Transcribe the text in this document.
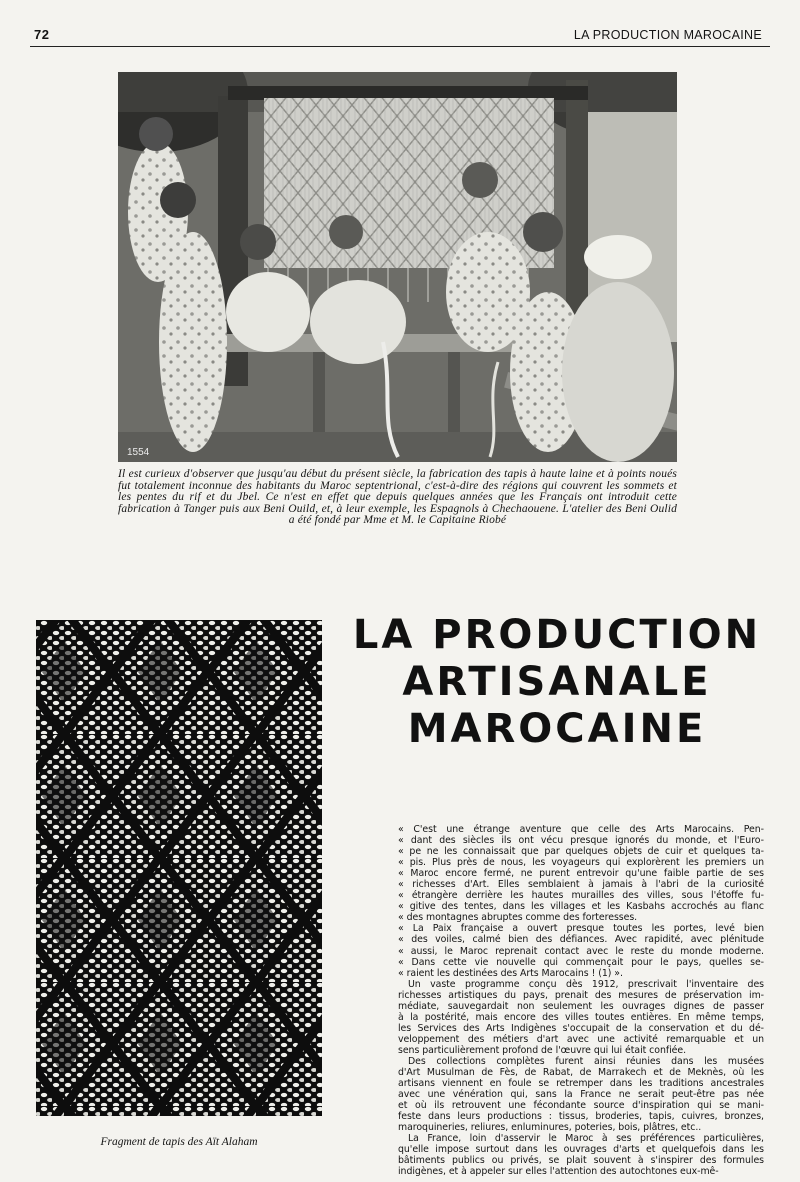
72	LA PRODUCTION MAROCAINE
1554
Il est curieux d'observer que jusqu'au début du présent siècle, la fabrication des tapis à haute laine et à points noués fut totalement inconnue des habitants du Maroc septentrional, c'est-à-dire des régions qui couvrent les sommets et les pentes du rif et du Jbel. Ce n'est en effet que depuis quelques années que les Français ont introduit cette fabrication à Tanger puis aux Beni Ouild, et, à leur exemple, les Espagnols à Chechaouene. L'atelier des Beni Oulid a été fondé par Mme et M. le Capitaine Riobé
Fragment de tapis des Aït Alaham
LA PRODUCTION
ARTISANALE
MAROCAINE
« C'est une étrange aventure que celle des Arts Marocains. Pen-
« dant des siècles ils ont vécu presque ignorés du monde, et l'Euro-
« pe ne les connaissait que par quelques objets de cuir et quelques ta-
« pis. Plus près de nous, les voyageurs qui explorèrent les premiers un
« Maroc encore fermé, ne purent entrevoir qu'une faible partie de ses
« richesses d'Art. Elles semblaient à jamais à l'abri de la curiosité
« étrangère derrière les hautes murailles des villes, sous l'étoffe fu-
« gitive des tentes, dans les villages et les Kasbahs accrochés au flanc
« des montagnes abruptes comme des forteresses.
« La Paix française a ouvert presque toutes les portes, levé bien
« des voiles, calmé bien des défiances. Avec rapidité, avec plénitude
« aussi, le Maroc reprenait contact avec le reste du monde moderne.
« Dans cette vie nouvelle qui commençait pour le pays, quelles se-
« raient les destinées des Arts Marocains ! (1) ».
Un vaste programme conçu dès 1912, prescrivait l'inventaire des
richesses artistiques du pays, prenait des mesures de préservation im-
médiate, sauvegardait non seulement les ouvrages dignes de passer
à la postérité, mais encore des villes toutes entières. En même temps,
les Services des Arts Indigènes s'occupait de la conservation et du dé-
veloppement des métiers d'art avec une activité remarquable et un
sens particulièrement profond de l'œuvre qui lui était confiée.
Des collections complètes furent ainsi réunies dans les musées
d'Art Musulman de Fès, de Rabat, de Marrakech et de Meknès, où les
artisans viennent en foule se retremper dans les traditions ancestrales
avec une vénération qui, sans la France ne serait peut-être pas née
et où ils retrouvent une fécondante source d'inspiration qui se mani-
feste dans leurs productions : tissus, broderies, tapis, cuivres, bronzes,
maroquineries, reliures, enluminures, poteries, bois, plâtres, etc..
La France, loin d'asservir le Maroc à ses préférences particulières,
qu'elle impose surtout dans les ouvrages d'arts et quelquefois dans les
bâtiments publics ou privés, se plait souvent à s'inspirer des formules
indigènes, et à appeler sur elles l'attention des autochtones eux-mê-
